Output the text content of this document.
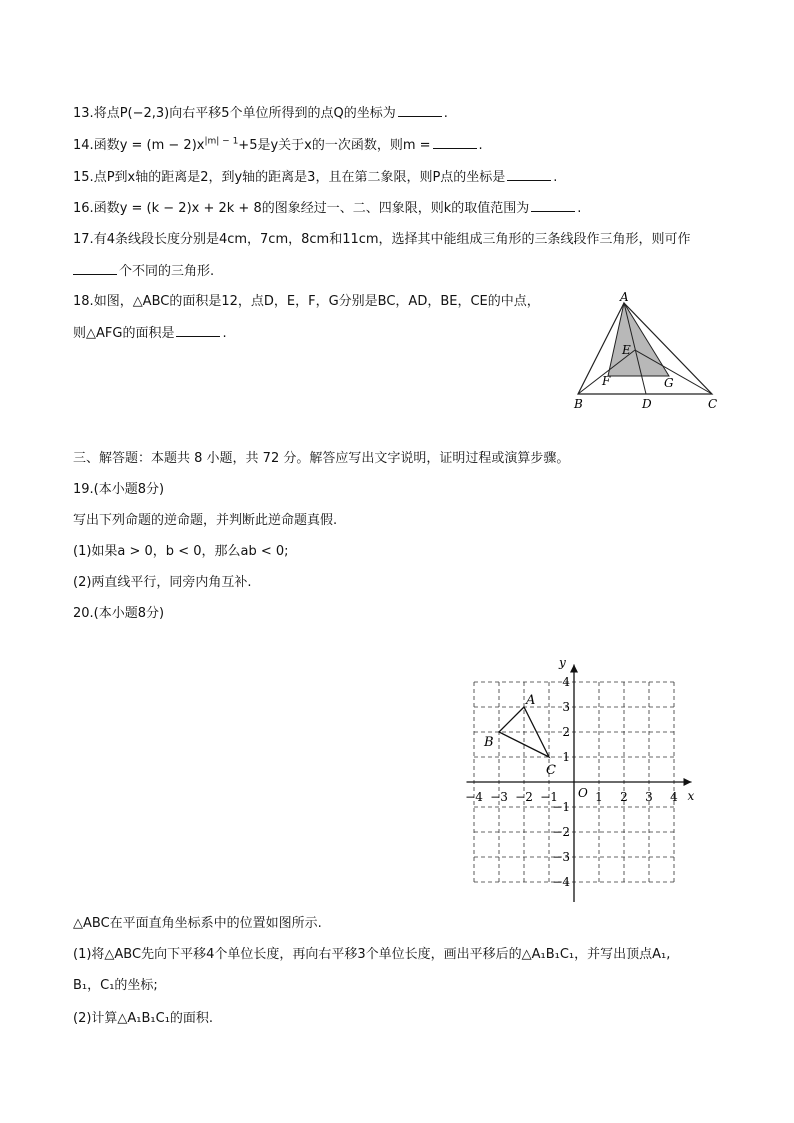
13.将点P(−2,3)向右平移5个单位所得到的点Q的坐标为	.
14.函数$y = (m - 2)x^{|m| - 1}+5$是y关于x的一次函数，则m =	.
15.点P到x轴的距离是2，到y轴的距离是3，且在第二象限，则P点的坐标是	.
16.函数y = (k − 2)x + 2k + 8的图象经过一、二、四象限，则k的取值范围为	.
17.有4条线段长度分别是4cm，7cm，8cm和11cm，选择其中能组成三角形的三条线段作三角形，则可作
个不同的三角形.
18.如图，△ABC的面积是12，点D，E，F，G分别是BC，AD，BE，CE的中点，
则△AFG的面积是	.
A
E
F	G
B	D	C
三、解答题：本题共 8 小题，共 72 分。解答应写出文字说明，证明过程或演算步骤。
19.(本小题8分)
写出下列命题的逆命题，并判断此逆命题真假.
(1)如果a > 0，b < 0，那么ab < 0;
(2)两直线平行，同旁内角互补.
20.(本小题8分)
x
y
O
−4 −3 −2 −1	1 2 3 4
4
3
2
1
−1
−2
−3
−4
A
B
C
△ABC在平面直角坐标系中的位置如图所示.
(1)将△ABC先向下平移4个单位长度，再向右平移3个单位长度，画出平移后的△A₁B₁C₁，并写出顶点A₁,
B₁，C₁的坐标;
(2)计算△A₁B₁C₁的面积.
